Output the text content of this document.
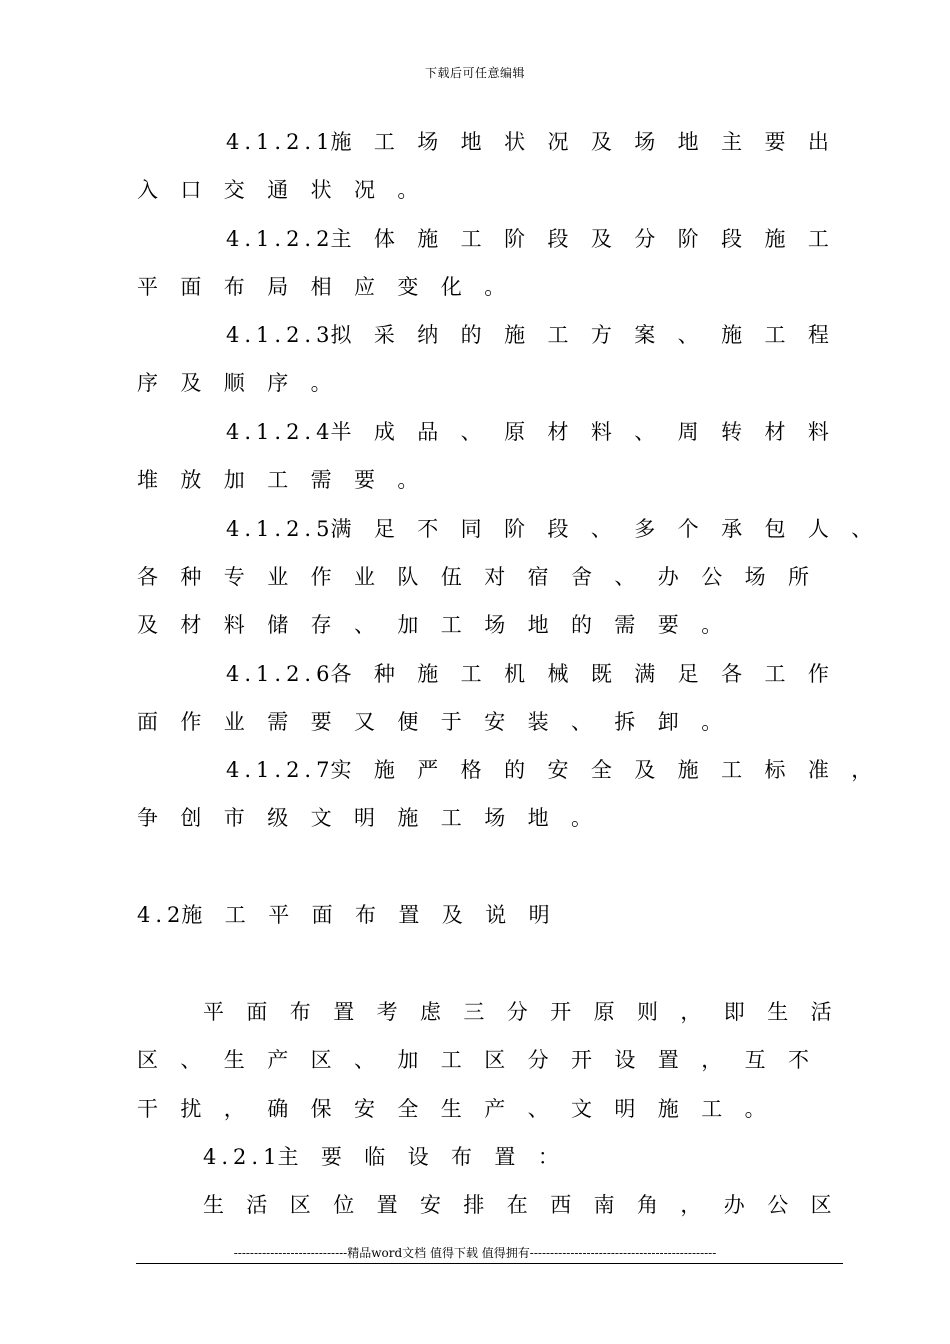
下载后可任意编辑
4.1.2.1施工场地状况及场地主要出
入口交通状况。
4.1.2.2主体施工阶段及分阶段施工
平面布局相应变化。
4.1.2.3拟采纳的施工方案、施工程
序及顺序。
4.1.2.4半成品、原材料、周转材料
堆放加工需要。
4.1.2.5满足不同阶段、多个承包人、
各种专业作业队伍对宿舍、办公场所
及材料储存、加工场地的需要。
4.1.2.6各种施工机械既满足各工作
面作业需要又便于安装、拆卸。
4.1.2.7实施严格的安全及施工标准，
争创市级文明施工场地。
4.2施工平面布置及说明
平面布置考虑三分开原则，即生活
区、生产区、加工区分开设置，互不
干扰，确保安全生产、文明施工。
4.2.1主要临设布置：
生活区位置安排在西南角，办公区
----------------------------精品word文档 值得下载 值得拥有----------------------------------------------
